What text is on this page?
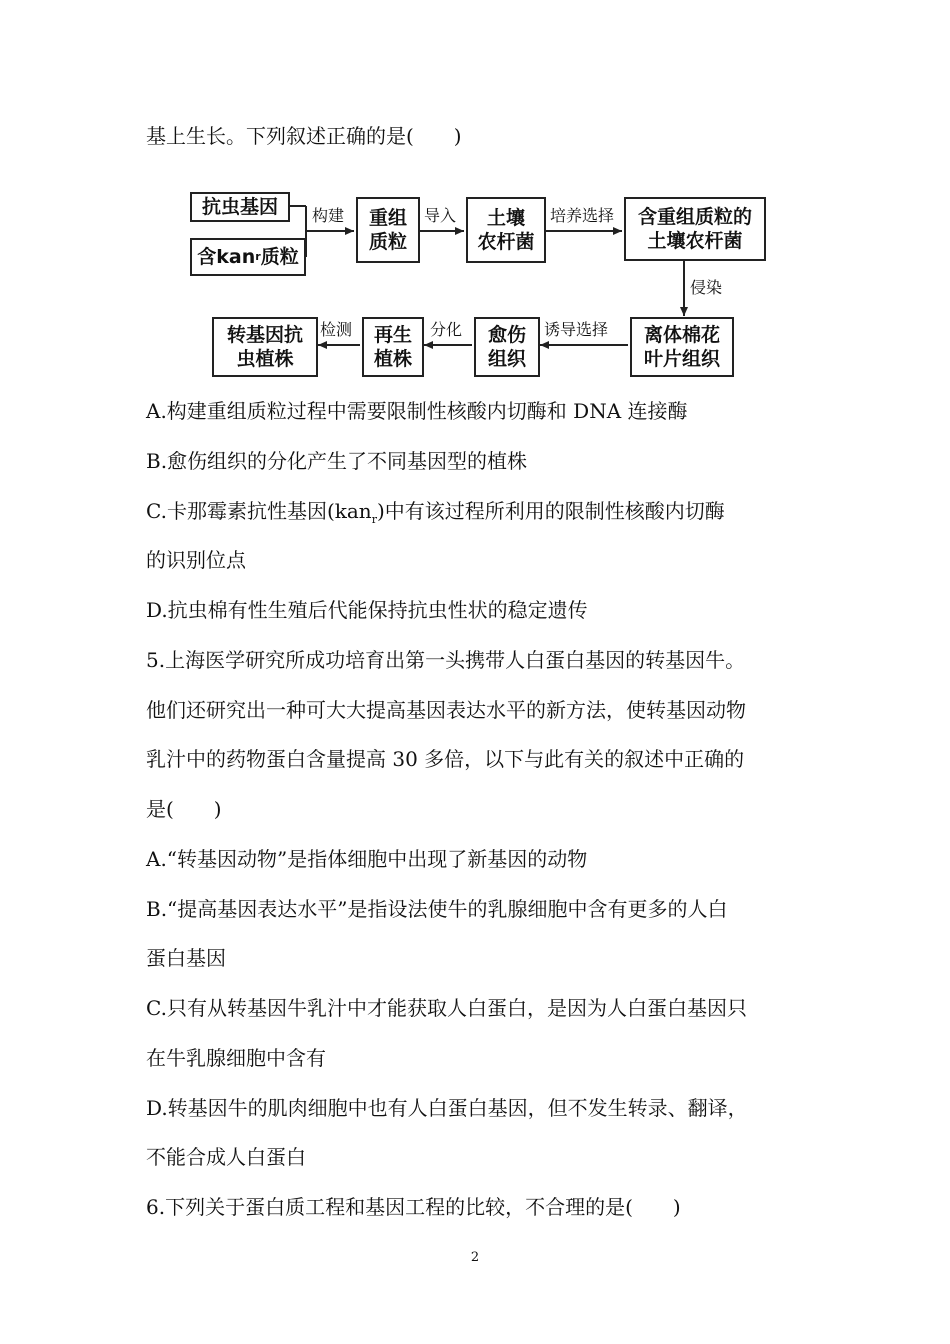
基上生长。下列叙述正确的是(　　)
抗虫基因
含kan r 质粒
重组
质粒
土壤
农杆菌
含重组质粒的
土壤农杆菌
离体棉花
叶片组织
愈伤
组织
再生
植株
转基因抗
虫植株
构建	导入	培养选择
侵染
诱导选择
分化
检测
A.构建重组质粒过程中需要限制性核酸内切酶和 DNA 连接酶
B.愈伤组织的分化产生了不同基因型的植株
C.卡那霉素抗性基因(kan$_r$)中有该过程所利用的限制性核酸内切酶
的识别位点
D.抗虫棉有性生殖后代能保持抗虫性状的稳定遗传
5.上海医学研究所成功培育出第一头携带人白蛋白基因的转基因牛。
他们还研究出一种可大大提高基因表达水平的新方法，使转基因动物
乳汁中的药物蛋白含量提高 30 多倍，以下与此有关的叙述中正确的
是(　　)
A.“转基因动物”是指体细胞中出现了新基因的动物
B.“提高基因表达水平”是指设法使牛的乳腺细胞中含有更多的人白
蛋白基因
C.只有从转基因牛乳汁中才能获取人白蛋白，是因为人白蛋白基因只
在牛乳腺细胞中含有
D.转基因牛的肌肉细胞中也有人白蛋白基因，但不发生转录、翻译，
不能合成人白蛋白
6.下列关于蛋白质工程和基因工程的比较，不合理的是(　　)
2
